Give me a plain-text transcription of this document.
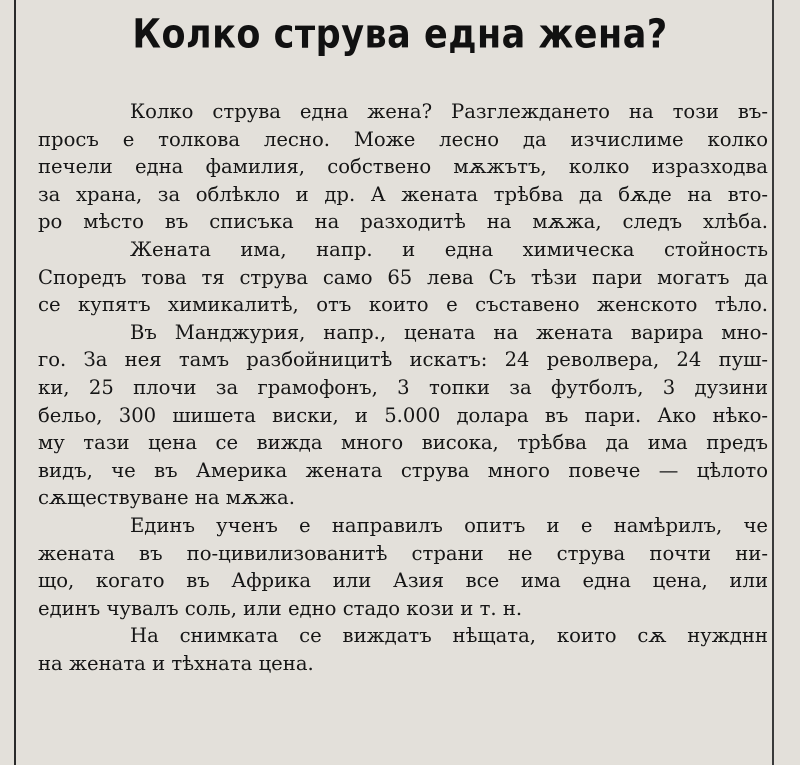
Колко струва една жена?
Колко струва една жена? Разглеждането на този въ-
просъ е толкова лесно. Може лесно да изчислимe колко
печели една фамилия, собствено мѫжътъ, колко изразходва
за храна, за облѣкло и др. А жената трѣбва да бѫде на вто-
ро мѣсто въ списъка на разходитѣ на мѫжа, следъ хлѣба.
Жената има, напр. и една химическа стойность
Споредъ това тя струва само 65 лева Съ тѣзи пари могатъ да
се купятъ химикалитѣ, отъ които е съставено женското тѣло.
Въ Манджурия, напр., цената на жената варира мно-
го. За нея тамъ разбойницитѣ искатъ: 24 револвера, 24 пуш-
ки, 25 плочи за грамофонъ, 3 топки за футболъ, 3 дузини
бельо, 300 шишета виски, и 5.000 долара въ пари. Ако нѣко-
му тази цена се вижда много висока, трѣбва да има предъ
видъ, че въ Америка жената струва много повече — цѣлото
сѫществуване на мѫжа.
Единъ ученъ е направилъ опитъ и е намѣрилъ, че
жената въ по-цивилизованитѣ страни не струва почти ни-
що, когато въ Африка или Азия все има една цена, или
единъ чувалъ соль, или едно стадо кози и т. н.
На снимката се виждатъ нѣщата, които сѫ нужднн
на жената и тѣхната цена.
